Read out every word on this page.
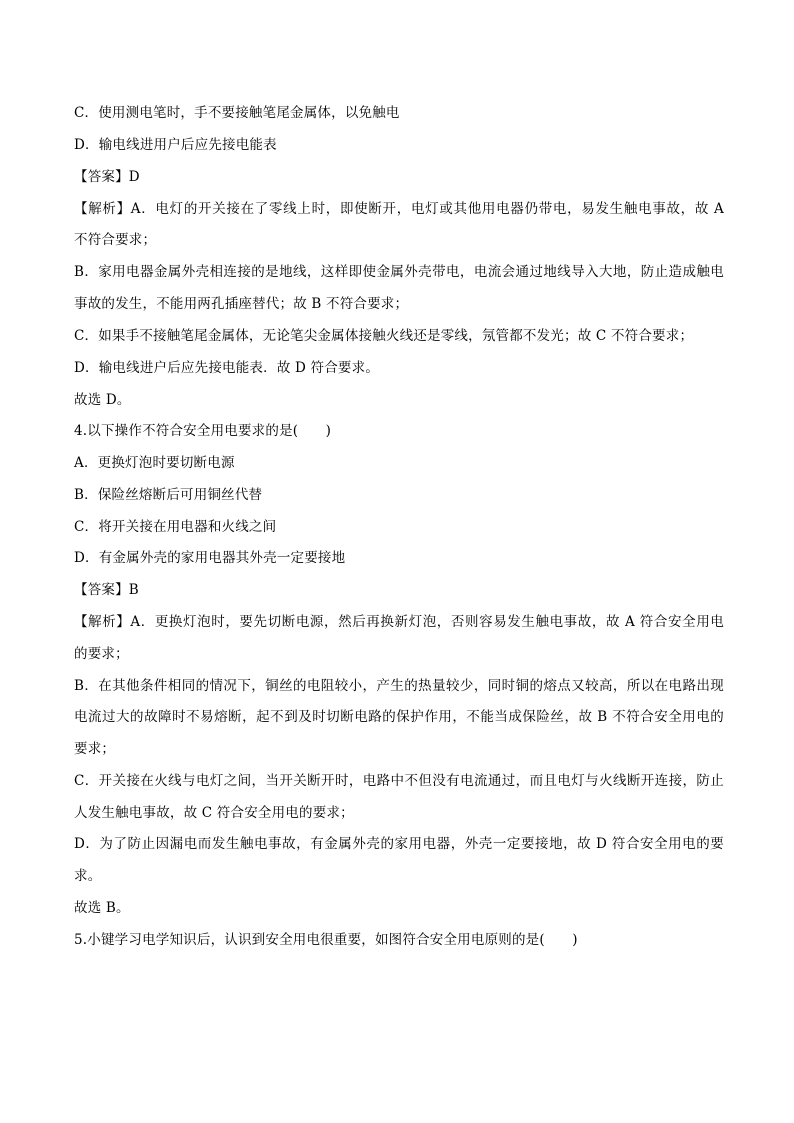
C．使用测电笔时，手不要接触笔尾金属体，以免触电
D．输电线进用户后应先接电能表
【答案】D
【解析】A．电灯的开关接在了零线上时，即使断开，电灯或其他用电器仍带电，易发生触电事故，故 A
不符合要求；
B．家用电器金属外壳相连接的是地线，这样即使金属外壳带电，电流会通过地线导入大地，防止造成触电
事故的发生，不能用两孔插座替代；故 B 不符合要求；
C．如果手不接触笔尾金属体，无论笔尖金属体接触火线还是零线，氖管都不发光；故 C 不符合要求；
D．输电线进户后应先接电能表．故 D 符合要求。
故选 D。
4.以下操作不符合安全用电要求的是(　　)
A．更换灯泡时要切断电源
B．保险丝熔断后可用铜丝代替
C．将开关接在用电器和火线之间
D．有金属外壳的家用电器其外壳一定要接地
【答案】B
【解析】A．更换灯泡时，要先切断电源，然后再换新灯泡，否则容易发生触电事故，故 A 符合安全用电
的要求；
B．在其他条件相同的情况下，铜丝的电阻较小，产生的热量较少，同时铜的熔点又较高，所以在电路出现
电流过大的故障时不易熔断，起不到及时切断电路的保护作用，不能当成保险丝，故 B 不符合安全用电的
要求；
C．开关接在火线与电灯之间，当开关断开时，电路中不但没有电流通过，而且电灯与火线断开连接，防止
人发生触电事故，故 C 符合安全用电的要求；
D．为了防止因漏电而发生触电事故，有金属外壳的家用电器，外壳一定要接地，故 D 符合安全用电的要
求。
故选 B。
5.小键学习电学知识后，认识到安全用电很重要，如图符合安全用电原则的是(　　)
